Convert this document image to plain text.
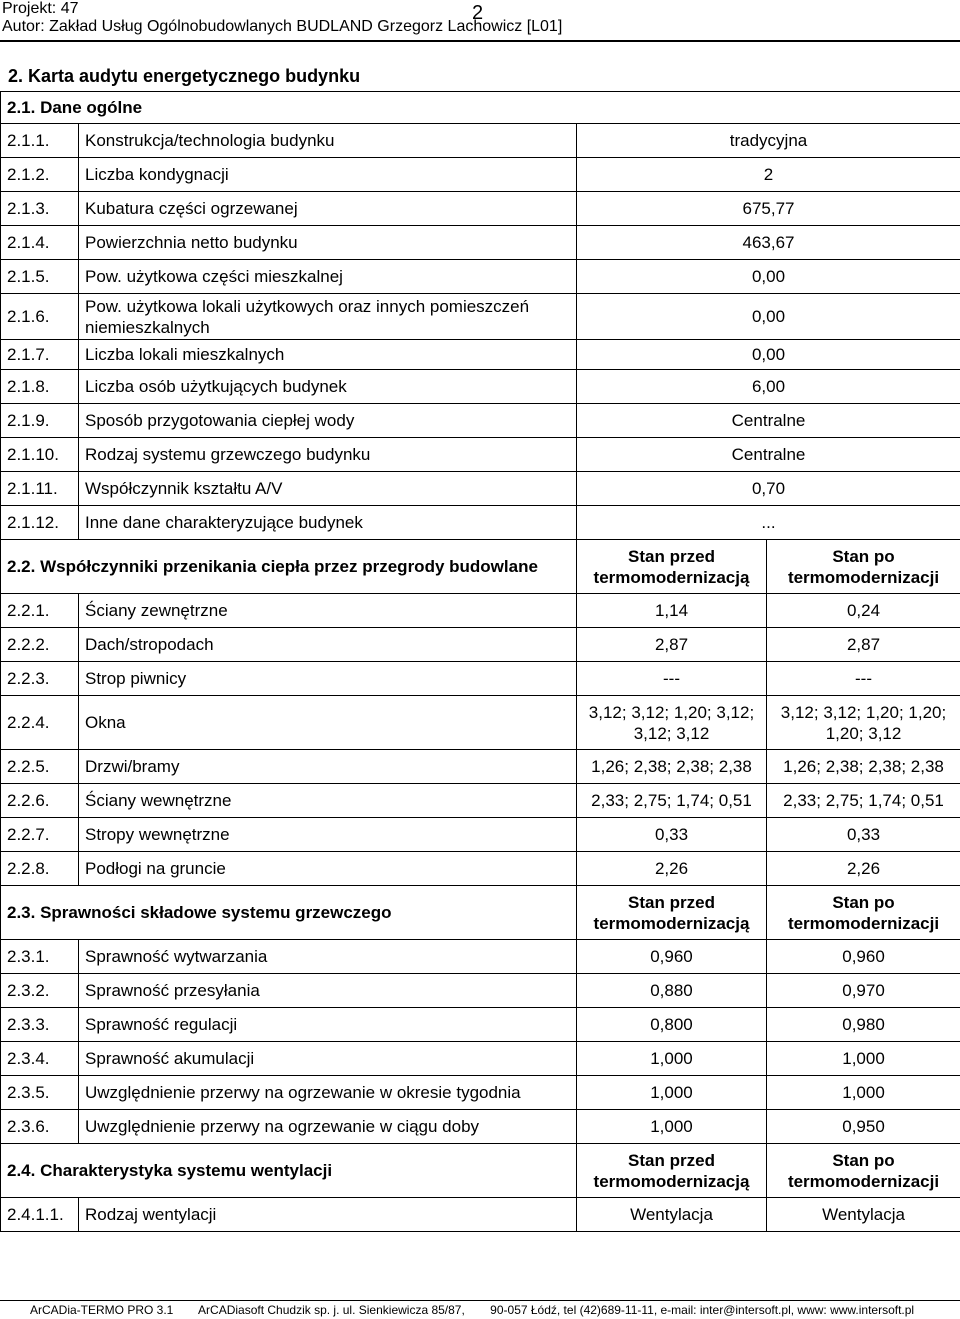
Projekt: 47
Autor: Zakład Usług Ogólnobudowlanych BUDLAND Grzegorz Lachowicz [L01]
2
2. Karta audytu energetycznego budynku
2.1. Dane ogólne			
2.1.1.	Konstrukcja/technologia budynku	tradycyjna	
2.1.2.	Liczba kondygnacji	2	
2.1.3.	Kubatura części ogrzewanej	675,77	
2.1.4.	Powierzchnia netto budynku	463,67	
2.1.5.	Pow. użytkowa części mieszkalnej	0,00	
2.1.6.	Pow. użytkowa lokali użytkowych oraz innych pomieszczeń niemieszkalnych	0,00	
2.1.7.	Liczba lokali mieszkalnych	0,00	
2.1.8.	Liczba osób użytkujących budynek	6,00	
2.1.9.	Sposób przygotowania ciepłej wody	Centralne	
2.1.10.	Rodzaj systemu grzewczego budynku	Centralne	
2.1.11.	Współczynnik kształtu A/V	0,70	
2.1.12.	Inne dane charakteryzujące budynek	...	
2.2. Współczynniki przenikania ciepła przez przegrody budowlane		Stan przed termomodernizacją	Stan po termomodernizacji
2.2.1.	Ściany zewnętrzne	1,14	0,24
2.2.2.	Dach/stropodach	2,87	2,87
2.2.3.	Strop piwnicy	---	---
2.2.4.	Okna	3,12; 3,12; 1,20; 3,12; 3,12; 3,12	3,12; 3,12; 1,20; 1,20; 1,20; 3,12
2.2.5.	Drzwi/bramy	1,26; 2,38; 2,38; 2,38	1,26; 2,38; 2,38; 2,38
2.2.6.	Ściany wewnętrzne	2,33; 2,75; 1,74; 0,51	2,33; 2,75; 1,74; 0,51
2.2.7.	Stropy wewnętrzne	0,33	0,33
2.2.8.	Podłogi na gruncie	2,26	2,26
2.3. Sprawności składowe systemu grzewczego		Stan przed termomodernizacją	Stan po termomodernizacji
2.3.1.	Sprawność wytwarzania	0,960	0,960
2.3.2.	Sprawność przesyłania	0,880	0,970
2.3.3.	Sprawność regulacji	0,800	0,980
2.3.4.	Sprawność akumulacji	1,000	1,000
2.3.5.	Uwzględnienie przerwy na ogrzewanie w okresie tygodnia	1,000	1,000
2.3.6.	Uwzględnienie przerwy na ogrzewanie w ciągu doby	1,000	0,950
2.4. Charakterystyka systemu wentylacji		Stan przed termomodernizacją	Stan po termomodernizacji
2.4.1.1.	Rodzaj wentylacji	Wentylacja	Wentylacja
ArCADia-TERMO PRO 3.1 ArCADiasoft Chudzik sp. j. ul. Sienkiewicza 85/87, 90-057 Łódź, tel (42)689-11-11, e-mail: inter@intersoft.pl, www: www.intersoft.pl
